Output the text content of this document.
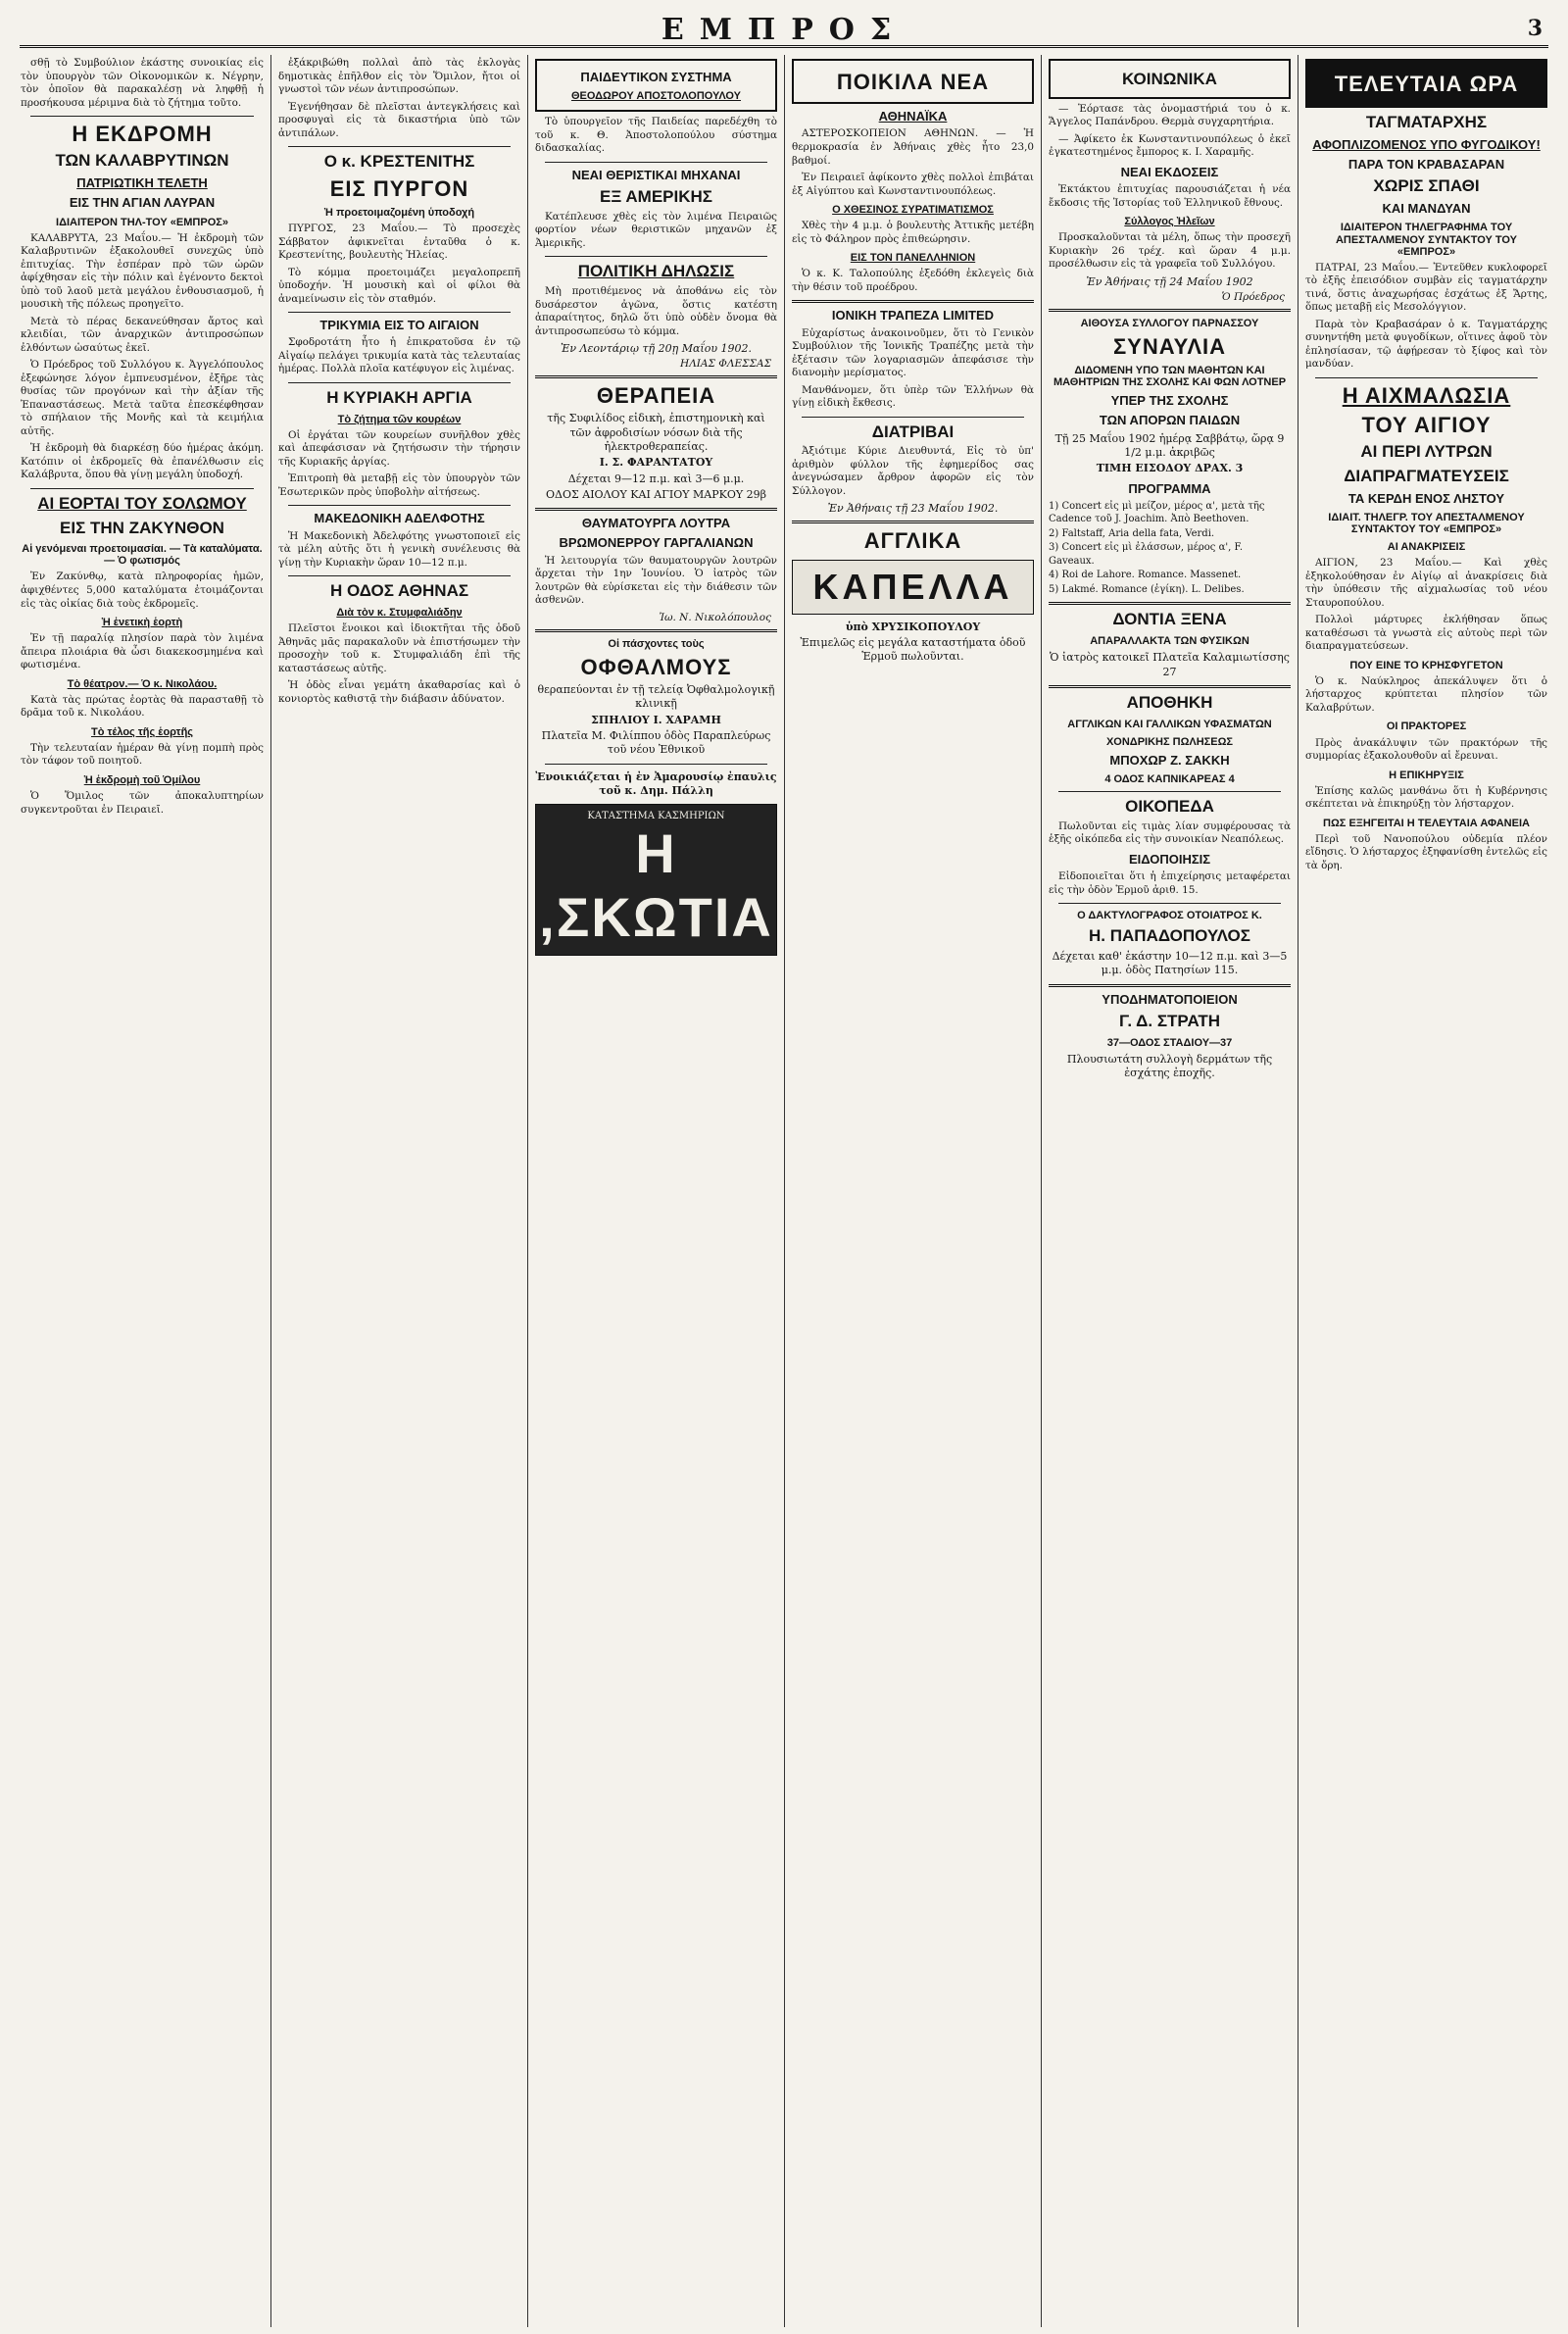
ΕΜΠΡΟΣ	3

σθῇ τὸ Συμβούλιον ἑκάστης συνοικίας εἰς τὸν ὑπουργὸν τῶν Οἰκονομικῶν κ. Νέγρην, τὸν ὁποῖον θὰ παρακαλέσῃ νὰ ληφθῇ ἡ προσήκουσα μέριμνα διὰ τὸ ζήτημα τοῦτο.

Η ΕΚΔΡΟΜΗ
ΤΩΝ ΚΑΛΑΒΡΥΤΙΝΩΝ
ΠΑΤΡΙΩΤΙΚΗ ΤΕΛΕΤΗ
ΕΙΣ ΤΗΝ ΑΓΙΑΝ ΛΑΥΡΑΝ
ΙΔΙΑΙΤΕΡΟΝ ΤΗΛ-ΤΟΥ «ΕΜΠΡΟΣ»

ΚΑΛΑΒΡΥΤΑ, 23 Μαΐου.— Ἡ ἐκδρομὴ τῶν Καλαβρυτινῶν ἐξακολουθεῖ συνεχῶς ὑπὸ ἐπιτυχίας. Τὴν ἑσπέραν πρὸ τῶν ὡρῶν ἀφίχθησαν εἰς τὴν πόλιν καὶ ἐγένοντο δεκτοὶ ὑπὸ τοῦ λαοῦ μετὰ μεγάλου ἐνθουσιασμοῦ, ἡ μουσικὴ τῆς πόλεως προηγεῖτο.

Μετὰ τὸ πέρας δεκανεύθησαν ἄρτος καὶ κλειδίαι, τῶν ἀναρχικῶν ἀντιπροσώπων ἐλθόντων ὡσαύτως ἐκεῖ.

Ὁ Πρόεδρος τοῦ Συλλόγου κ. Ἀγγελόπουλος ἐξεφώνησε λόγον ἐμπνευσμένον, ἐξῆρε τὰς θυσίας τῶν προγόνων καὶ τὴν ἀξίαν τῆς Ἐπαναστάσεως. Μετὰ ταῦτα ἐπεσκέφθησαν τὸ σπήλαιον τῆς Μονῆς καὶ τὰ κειμήλια αὐτῆς.

Ἡ ἐκδρομὴ θὰ διαρκέσῃ δύο ἡμέρας ἀκόμη. Κατόπιν οἱ ἐκδρομεῖς θὰ ἐπανέλθωσιν εἰς Καλάβρυτα, ὅπου θὰ γίνῃ μεγάλη ὑποδοχή.

ΑΙ ΕΟΡΤΑΙ ΤΟΥ ΣΟΛΩΜΟΥ
ΕΙΣ ΤΗΝ ΖΑΚΥΝΘΟΝ
Αἱ γενόμεναι προετοιμασίαι. — Τὰ καταλύματα. — Ὁ φωτισμός

Ἐν Ζακύνθῳ, κατὰ πληροφορίας ἡμῶν, ἀφιχθέντες 5,000 καταλύματα ἐτοιμάζονται εἰς τὰς οἰκίας διὰ τοὺς ἐκδρομεῖς.

Ἡ ἐνετικὴ ἑορτὴ

Ἐν τῇ παραλίᾳ πλησίον παρὰ τὸν λιμένα ἄπειρα πλοιάρια θὰ ὦσι διακεκοσμημένα καὶ φωτισμένα.

Τὸ θέατρον.— Ὁ κ. Νικολάου.

Κατὰ τὰς πρώτας ἑορτὰς θὰ παρασταθῇ τὸ δρᾶμα τοῦ κ. Νικολάου.

Τὸ τέλος τῆς ἑορτῆς

Τὴν τελευταίαν ἡμέραν θὰ γίνῃ πομπὴ πρὸς τὸν τάφον τοῦ ποιητοῦ.

Ἡ ἐκδρομὴ τοῦ Ὁμίλου

Ὁ Ὅμιλος τῶν ἀποκαλυπτηρίων συγκεντροῦται ἐν Πειραιεῖ.

ἐξάκριβώθη πολλαὶ ἀπὸ τὰς ἐκλογὰς δημοτικὰς ἐπῆλθον εἰς τὸν Ὅμιλον, ἤτοι οἱ γνωστοὶ τῶν νέων ἀντιπροσώπων.

Ἐγενήθησαν δὲ πλεῖσται ἀντεγκλήσεις καὶ προσφυγαὶ εἰς τὰ δικαστήρια ὑπὸ τῶν ἀντιπάλων.

Ο κ. ΚΡΕΣΤΕΝΙΤΗΣ
ΕΙΣ ΠΥΡΓΟΝ
Ἡ προετοιμαζομένη ὑποδοχή

ΠΥΡΓΟΣ, 23 Μαΐου.— Τὸ προσεχὲς Σάββατον ἀφικνεῖται ἐνταῦθα ὁ κ. Κρεστενίτης, βουλευτὴς Ἠλείας.

Τὸ κόμμα προετοιμάζει μεγαλοπρεπῆ ὑποδοχήν. Ἡ μουσικὴ καὶ οἱ φίλοι θὰ ἀναμείνωσιν εἰς τὸν σταθμόν.

ΤΡΙΚΥΜΙΑ ΕΙΣ ΤΟ ΑΙΓΑΙΟΝ

Σφοδροτάτη ἦτο ἡ ἐπικρατοῦσα ἐν τῷ Αἰγαίῳ πελάγει τρικυμία κατὰ τὰς τελευταίας ἡμέρας. Πολλὰ πλοῖα κατέφυγον εἰς λιμένας.

Η ΚΥΡΙΑΚΗ ΑΡΓΙΑ
Τὸ ζήτημα τῶν κουρέων

Οἱ ἐργάται τῶν κουρείων συνῆλθον χθὲς καὶ ἀπεφάσισαν νὰ ζητήσωσιν τὴν τήρησιν τῆς Κυριακῆς ἀργίας.

Ἐπιτροπὴ θὰ μεταβῇ εἰς τὸν ὑπουργὸν τῶν Ἐσωτερικῶν πρὸς ὑποβολὴν αἰτήσεως.

ΜΑΚΕΔΟΝΙΚΗ ΑΔΕΛΦΟΤΗΣ

Ἡ Μακεδονικὴ Ἀδελφότης γνωστοποιεῖ εἰς τὰ μέλη αὐτῆς ὅτι ἡ γενικὴ συνέλευσις θὰ γίνῃ τὴν Κυριακὴν ὥραν 10—12 π.μ.

Η ΟΔΟΣ ΑΘΗΝΑΣ
Διὰ τὸν κ. Στυμφαλιάδην

Πλεῖστοι ἔνοικοι καὶ ἰδιοκτῆται τῆς ὁδοῦ Ἀθηνᾶς μᾶς παρακαλοῦν νὰ ἐπιστήσωμεν τὴν προσοχὴν τοῦ κ. Στυμφαλιάδη ἐπὶ τῆς καταστάσεως αὐτῆς.

Ἡ ὁδὸς εἶναι γεμάτη ἀκαθαρσίας καὶ ὁ κονιορτὸς καθιστᾷ τὴν διάβασιν ἀδύνατον.

ΠΑΙΔΕΥΤΙΚΟΝ ΣΥΣΤΗΜΑ
ΘΕΟΔΩΡΟΥ ΑΠΟΣΤΟΛΟΠΟΥΛΟΥ

Τὸ ὑπουργεῖον τῆς Παιδείας παρεδέχθη τὸ τοῦ κ. Θ. Ἀποστολοπούλου σύστημα διδασκαλίας.

ΝΕΑΙ ΘΕΡΙΣΤΙΚΑΙ ΜΗΧΑΝΑΙ
ΕΞ ΑΜΕΡΙΚΗΣ

Κατέπλευσε χθὲς εἰς τὸν λιμένα Πειραιῶς φορτίον νέων θεριστικῶν μηχανῶν ἐξ Ἀμερικῆς.

ΠΟΛΙΤΙΚΗ ΔΗΛΩΣΙΣ

Μὴ προτιθέμενος νὰ ἀποθάνω εἰς τὸν δυσάρεστον ἀγῶνα, ὅστις κατέστη ἀπαραίτητος, δηλῶ ὅτι ὑπὸ οὐδὲν ὄνομα θὰ ἀντιπροσωπεύσω τὸ κόμμα.

Ἐν Λεοντάριῳ τῇ 20ῃ Μαΐου 1902.
ΗΛΙΑΣ ΦΛΕΣΣΑΣ
ΘΕΡΑΠΕΙΑ

τῆς Συφιλίδος εἰδικὴ, ἐπιστημονικὴ καὶ τῶν ἀφροδισίων νόσων διὰ τῆς ἠλεκτροθεραπείας.

Ι. Σ. ΦΑΡΑΝΤΑΤΟΥ

Δέχεται 9—12 π.μ. καὶ 3—6 μ.μ.

ΟΔΟΣ ΑΙΟΛΟΥ ΚΑΙ ΑΓΙΟΥ ΜΑΡΚΟΥ 29β

ΘΑΥΜΑΤΟΥΡΓΑ ΛΟΥΤΡΑ
ΒΡΩΜΟΝΕΡΡΟΥ ΓΑΡΓΑΛΙΑΝΩΝ

Ἡ λειτουργία τῶν θαυματουργῶν λουτρῶν ἄρχεται τὴν 1ην Ἰουνίου. Ὁ ἰατρὸς τῶν λουτρῶν θὰ εὑρίσκεται εἰς τὴν διάθεσιν τῶν ἀσθενῶν.

Ἰω. Ν. Νικολόπουλος
Οἱ πάσχοντες τοὺς
ΟΦΘΑΛΜΟΥΣ

θεραπεύονται ἐν τῇ τελείᾳ Ὀφθαλμολογικῇ κλινικῇ

ΣΠΗΛΙΟΥ Ι. ΧΑΡΑΜΗ

Πλατεῖα Μ. Φιλίππου ὁδὸς Παραπλεύρως τοῦ νέου Ἐθνικοῦ

Ἐνοικιάζεται ἡ ἐν Ἀμαρουσίῳ ἐπαυλις τοῦ κ. Δημ. Πάλλη

ΚΑΤΑΣΤΗΜΑ ΚΑΣΜΗΡΙΩΝ
Η ,ΣΚΩΤΙΑ
ΠΟΙΚΙΛΑ ΝΕΑ
ΑΘΗΝΑΪΚΑ

ΑΣΤΕΡΟΣΚΟΠΕΙΟΝ ΑΘΗΝΩΝ. — Ἡ θερμοκρασία ἐν Ἀθήναις χθὲς ἦτο 23,0 βαθμοί.

Ἐν Πειραιεῖ ἀφίκοντο χθὲς πολλοὶ ἐπιβάται ἐξ Αἰγύπτου καὶ Κωνσταντινουπόλεως.

Ο ΧΘΕΣΙΝΟΣ ΣΥΡΑΤΙΜΑΤΙΣΜΟΣ

Χθὲς τὴν 4 μ.μ. ὁ βουλευτὴς Ἀττικῆς μετέβη εἰς τὸ Φάληρον πρὸς ἐπιθεώρησιν.

ΕΙΣ ΤΟΝ ΠΑΝΕΛΛΗΝΙΟΝ

Ὁ κ. Κ. Ταλοπούλης ἐξεδόθη ἐκλεγεὶς διὰ τὴν θέσιν τοῦ προέδρου.

ΙΟΝΙΚΗ ΤΡΑΠΕΖΑ LIMITED

Εὐχαρίστως ἀνακοινοῦμεν, ὅτι τὸ Γενικὸν Συμβούλιον τῆς Ἰονικῆς Τραπέζης μετὰ τὴν ἐξέτασιν τῶν λογαριασμῶν ἀπεφάσισε τὴν διανομὴν μερίσματος.

Μανθάνομεν, ὅτι ὑπὲρ τῶν Ἑλλήνων θὰ γίνῃ εἰδικὴ ἔκθεσις.

ΔΙΑΤΡΙΒΑΙ

Ἀξιότιμε Κύριε Διευθυντά, Εἰς τὸ ὑπ' ἀριθμὸν φύλλον τῆς ἐφημερίδος σας ἀνεγνώσαμεν ἄρθρον ἀφορῶν εἰς τὸν Σύλλογον.

Ἐν Ἀθήναις τῇ 23 Μαΐου 1902.
ΑΓΓΛΙΚΑ
ΚΑΠΕΛΛΑ

ὑπὸ ΧΡΥΣΙΚΟΠΟΥΛΟΥ

Ἐπιμελῶς εἰς μεγάλα καταστήματα ὁδοῦ Ἑρμοῦ πωλοῦνται.

ΚΟΙΝΩΝΙΚΑ

— Ἑόρτασε τὰς ὀνομαστήριά του ὁ κ. Ἄγγελος Παπάνδρου. Θερμὰ συγχαρητήρια.

— Ἀφίκετο ἐκ Κωνσταντινουπόλεως ὁ ἐκεῖ ἐγκατεστημένος ἔμπορος κ. Ι. Χαραμῆς.

ΝΕΑΙ ΕΚΔΟΣΕΙΣ

Ἐκτάκτου ἐπιτυχίας παρουσιάζεται ἡ νέα ἔκδοσις τῆς Ἱστορίας τοῦ Ἑλληνικοῦ ἔθνους.

Σύλλογος Ἠλεῖων

Προσκαλοῦνται τὰ μέλη, ὅπως τὴν προσεχῆ Κυριακὴν 26 τρέχ. καὶ ὥραν 4 μ.μ. προσέλθωσιν εἰς τὰ γραφεῖα τοῦ Συλλόγου.

Ἐν Ἀθήναις τῇ 24 Μαΐου 1902
Ὁ Πρόεδρος
ΑΙΘΟΥΣΑ ΣΥΛΛΟΓΟΥ ΠΑΡΝΑΣΣΟΥ
ΣΥΝΑΥΛΙΑ
ΔΙΔΟΜΕΝΗ ΥΠΟ ΤΩΝ ΜΑΘΗΤΩΝ ΚΑΙ ΜΑΘΗΤΡΙΩΝ ΤΗΣ ΣΧΟΛΗΣ ΚΑΙ ΦΩΝ ΛΟΤΝΕΡ
ΥΠΕΡ ΤΗΣ ΣΧΟΛΗΣ
ΤΩΝ ΑΠΟΡΩΝ ΠΑΙΔΩΝ

Τῇ 25 Μαΐου 1902 ἡμέρᾳ Σαββάτῳ, ὥρᾳ 9 1/2 μ.μ. ἀκριβῶς

ΤΙΜΗ ΕΙΣΟΔΟΥ ΔΡΑΧ. 3

ΠΡΟΓΡΑΜΜΑ

1) Concert εἰς μὶ μείζον, μέρος α', μετὰ τῆς Cadence τοῦ J. Joachim. Ἀπὸ Beethoven.

2) Faltstaff, Aria della fata, Verdi.

3) Concert εἰς μὶ ἐλάσσων, μέρος α', F. Gaveaux.

4) Roi de Lahore. Romance. Massenet.

5) Lakmé. Romance (ἐγίκη). L. Delibes.

ΔΟΝΤΙΑ ΞΕΝΑ
ΑΠΑΡΑΛΛΑΚΤΑ ΤΩΝ ΦΥΣΙΚΩΝ

Ὁ ἰατρὸς κατοικεῖ Πλατεῖα Καλαμιωτίσσης 27

ΑΠΟΘΗΚΗ
ΑΓΓΛΙΚΩΝ ΚΑΙ ΓΑΛΛΙΚΩΝ ΥΦΑΣΜΑΤΩΝ
ΧΟΝΔΡΙΚΗΣ ΠΩΛΗΣΕΩΣ
ΜΠΟΧΩΡ Ζ. ΣΑΚΚΗ
4 ΟΔΟΣ ΚΑΠΝΙΚΑΡΕΑΣ 4
ΟΙΚΟΠΕΔΑ

Πωλοῦνται εἰς τιμὰς λίαν συμφέρουσας τὰ ἑξῆς οἰκόπεδα εἰς τὴν συνοικίαν Νεαπόλεως.

ΕΙΔΟΠΟΙΗΣΙΣ

Εἰδοποιεῖται ὅτι ἡ ἐπιχείρησις μεταφέρεται εἰς τὴν ὁδὸν Ἑρμοῦ ἀριθ. 15.

Ο ΔΑΚΤΥΛΟΓΡΑΦΟΣ ΟΤΟΙΑΤΡΟΣ Κ.
Η. ΠΑΠΑΔΟΠΟΥΛΟΣ

Δέχεται καθ' ἑκάστην 10—12 π.μ. καὶ 3—5 μ.μ. ὁδὸς Πατησίων 115.

ΥΠΟΔΗΜΑΤΟΠΟΙΕΙΟΝ
Γ. Δ. ΣΤΡΑΤΗ
37—ΟΔΟΣ ΣΤΑΔΙΟΥ—37

Πλουσιωτάτη συλλογὴ δερμάτων τῆς ἐσχάτης ἐποχῆς.

ΤΕΛΕΥΤΑΙΑ ΩΡΑ
ΤΑΓΜΑΤΑΡΧΗΣ
ΑΦΟΠΛΙΖΟΜΕΝΟΣ ΥΠΟ ΦΥΓΟΔΙΚΟΥ!
ΠΑΡΑ ΤΟΝ ΚΡΑΒΑΣΑΡΑΝ
ΧΩΡΙΣ ΣΠΑΘΙ
ΚΑΙ ΜΑΝΔΥΑΝ
ΙΔΙΑΙΤΕΡΟΝ ΤΗΛΕΓΡΑΦΗΜΑ ΤΟΥ ΑΠΕΣΤΑΛΜΕΝΟΥ ΣΥΝΤΑΚΤΟΥ ΤΟΥ «ΕΜΠΡΟΣ»

ΠΑΤΡΑΙ, 23 Μαΐου.— Ἐντεῦθεν κυκλοφορεῖ τὸ ἑξῆς ἐπεισόδιον συμβὰν εἰς ταγματάρχην τινά, ὅστις ἀναχωρήσας ἐσχάτως ἐξ Ἄρτης, ὅπως μεταβῇ εἰς Μεσολόγγιον.

Παρὰ τὸν Κραβασάραν ὁ κ. Ταγματάρχης συνηντήθη μετὰ φυγοδίκων, οἵτινες ἀφοῦ τὸν ἐπλησίασαν, τῷ ἀφῄρεσαν τὸ ξίφος καὶ τὸν μανδύαν.

Η ΑΙΧΜΑΛΩΣΙΑ
ΤΟΥ ΑΙΓΙΟΥ
ΑΙ ΠΕΡΙ ΛΥΤΡΩΝ
ΔΙΑΠΡΑΓΜΑΤΕΥΣΕΙΣ
ΤΑ ΚΕΡΔΗ ΕΝΟΣ ΛΗΣΤΟΥ
ΙΔΙΑΙΤ. ΤΗΛΕΓΡ. ΤΟΥ ΑΠΕΣΤΑΛΜΕΝΟΥ ΣΥΝΤΑΚΤΟΥ ΤΟΥ «ΕΜΠΡΟΣ»
ΑΙ ΑΝΑΚΡΙΣΕΙΣ

ΑΙΓΙΟΝ, 23 Μαΐου.— Καὶ χθὲς ἐξηκολούθησαν ἐν Αἰγίῳ αἱ ἀνακρίσεις διὰ τὴν ὑπόθεσιν τῆς αἰχμαλωσίας τοῦ νέου Σταυροπούλου.

Πολλοὶ μάρτυρες ἐκλήθησαν ὅπως καταθέσωσι τὰ γνωστὰ εἰς αὐτοὺς περὶ τῶν διαπραγματεύσεων.

ΠΟΥ ΕΙΝΕ ΤΟ ΚΡΗΣΦΥΓΕΤΟΝ

Ὁ κ. Ναύκληρος ἀπεκάλυψεν ὅτι ὁ λήσταρχος κρύπτεται πλησίον τῶν Καλαβρύτων.

ΟΙ ΠΡΑΚΤΟΡΕΣ

Πρὸς ἀνακάλυψιν τῶν πρακτόρων τῆς συμμορίας ἐξακολουθοῦν αἱ ἔρευναι.

Η ΕΠΙΚΗΡΥΞΙΣ

Ἐπίσης καλῶς μανθάνω ὅτι ἡ Κυβέρνησις σκέπτεται νὰ ἐπικηρύξῃ τὸν λήσταρχον.

ΠΩΣ ΕΞΗΓΕΙΤΑΙ Η ΤΕΛΕΥΤΑΙΑ ΑΦΑΝΕΙΑ

Περὶ τοῦ Νανοπούλου οὐδεμία πλέον εἴδησις. Ὁ λήσταρχος ἐξηφανίσθη ἐντελῶς εἰς τὰ ὄρη.
